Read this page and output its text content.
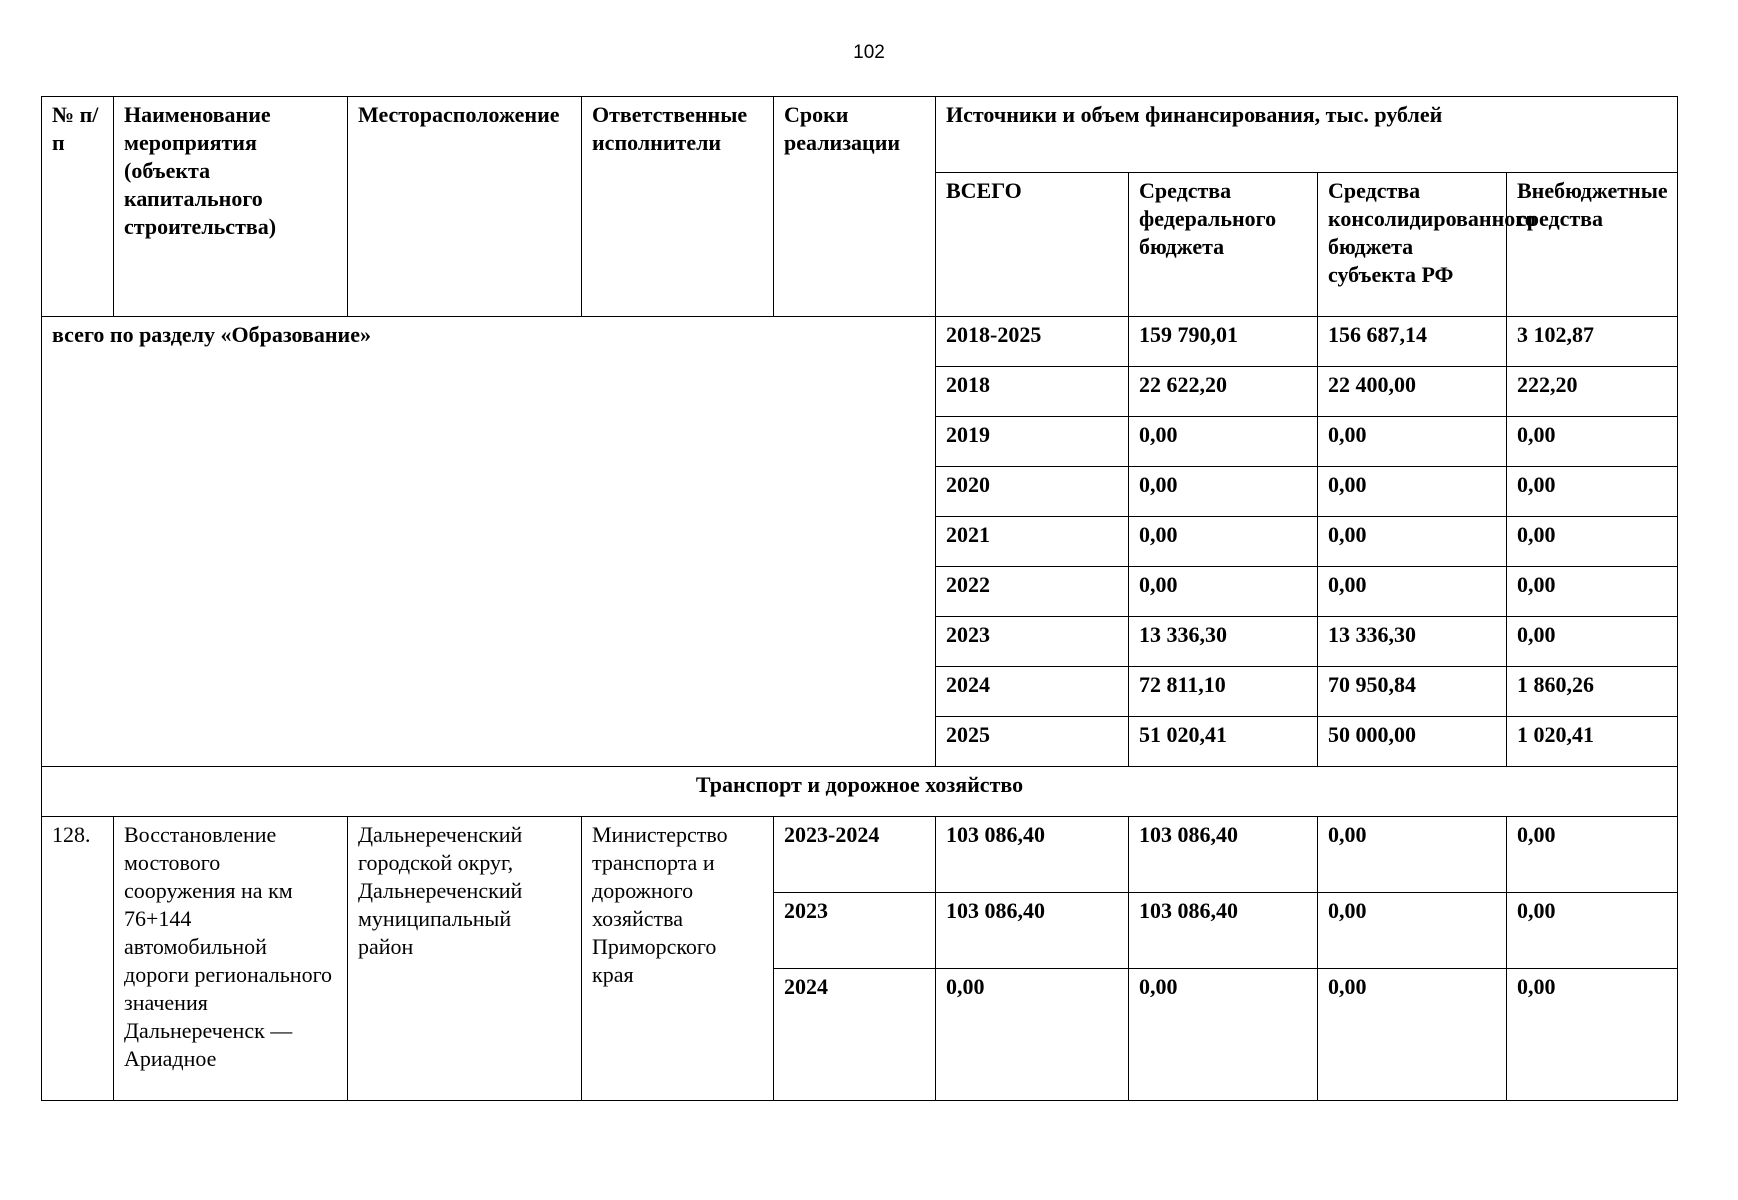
102
№ п/п	Наименование мероприятия (объекта капитального строительства)	Месторасположение	Ответственные исполнители	Сроки реализации	Источники и объем финансирования, тыс. рублей				
					ВСЕГО	Средства федерального бюджета	Средства консолидированного бюджета субъекта РФ	Внебюджетные средства	
всего по разделу «Образование»					2018-2025	159 790,01	156 687,14	3 102,87	
					2018	22 622,20	22 400,00	222,20	
					2019	0,00	0,00	0,00	
					2020	0,00	0,00	0,00	
					2021	0,00	0,00	0,00	
					2022	0,00	0,00	0,00	
					2023	13 336,30	13 336,30	0,00	
					2024	72 811,10	70 950,84	1 860,26	
					2025	51 020,41	50 000,00	1 020,41	
Транспорт и дорожное хозяйство									
128.	Восстановление мостового сооружения на км 76+144 автомобильной дороги регионального значения Дальнереченск — Ариадное	Дальнереченский городской округ, Дальнереченский муниципальный район	Министерство транспорта и дорожного хозяйства Приморского края	2023-2024	103 086,40	103 086,40	0,00	0,00	
				2023	103 086,40	103 086,40	0,00	0,00	
				2024	0,00	0,00	0,00	0,00	
